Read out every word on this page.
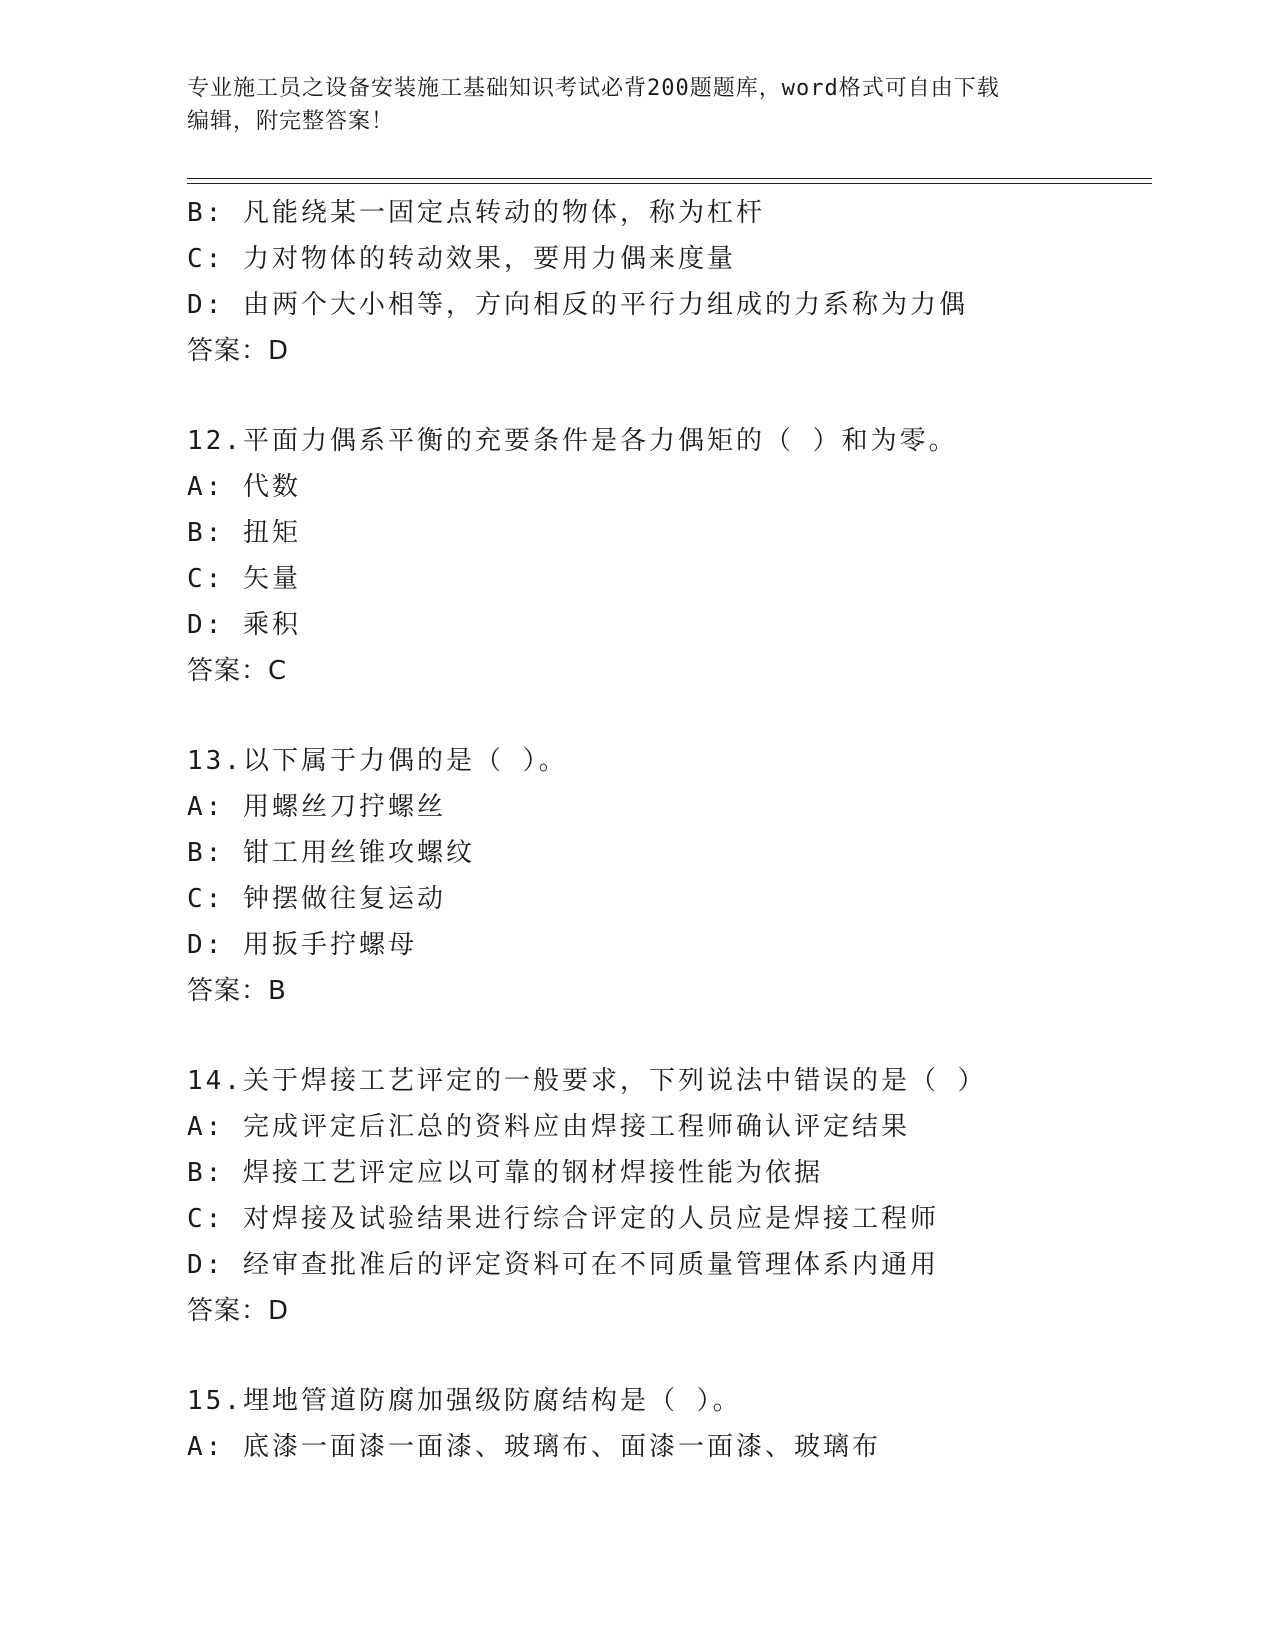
专业施工员之设备安装施工基础知识考试必背200题题库，word格式可自由下载
编辑，附完整答案！
B: 凡能绕某一固定点转动的物体，称为杠杆
C: 力对物体的转动效果，要用力偶来度量
D: 由两个大小相等，方向相反的平行力组成的力系称为力偶
答案：D
12.平面力偶系平衡的充要条件是各力偶矩的（ ）和为零。
A: 代数
B: 扭矩
C: 矢量
D: 乘积
答案：C
13.以下属于力偶的是（ ）。
A: 用螺丝刀拧螺丝
B: 钳工用丝锥攻螺纹
C: 钟摆做往复运动
D: 用扳手拧螺母
答案：B
14.关于焊接工艺评定的一般要求，下列说法中错误的是（ ）
A: 完成评定后汇总的资料应由焊接工程师确认评定结果
B: 焊接工艺评定应以可靠的钢材焊接性能为依据
C: 对焊接及试验结果进行综合评定的人员应是焊接工程师
D: 经审查批准后的评定资料可在不同质量管理体系内通用
答案：D
15.埋地管道防腐加强级防腐结构是（ ）。
A: 底漆一面漆一面漆、玻璃布、面漆一面漆、玻璃布
